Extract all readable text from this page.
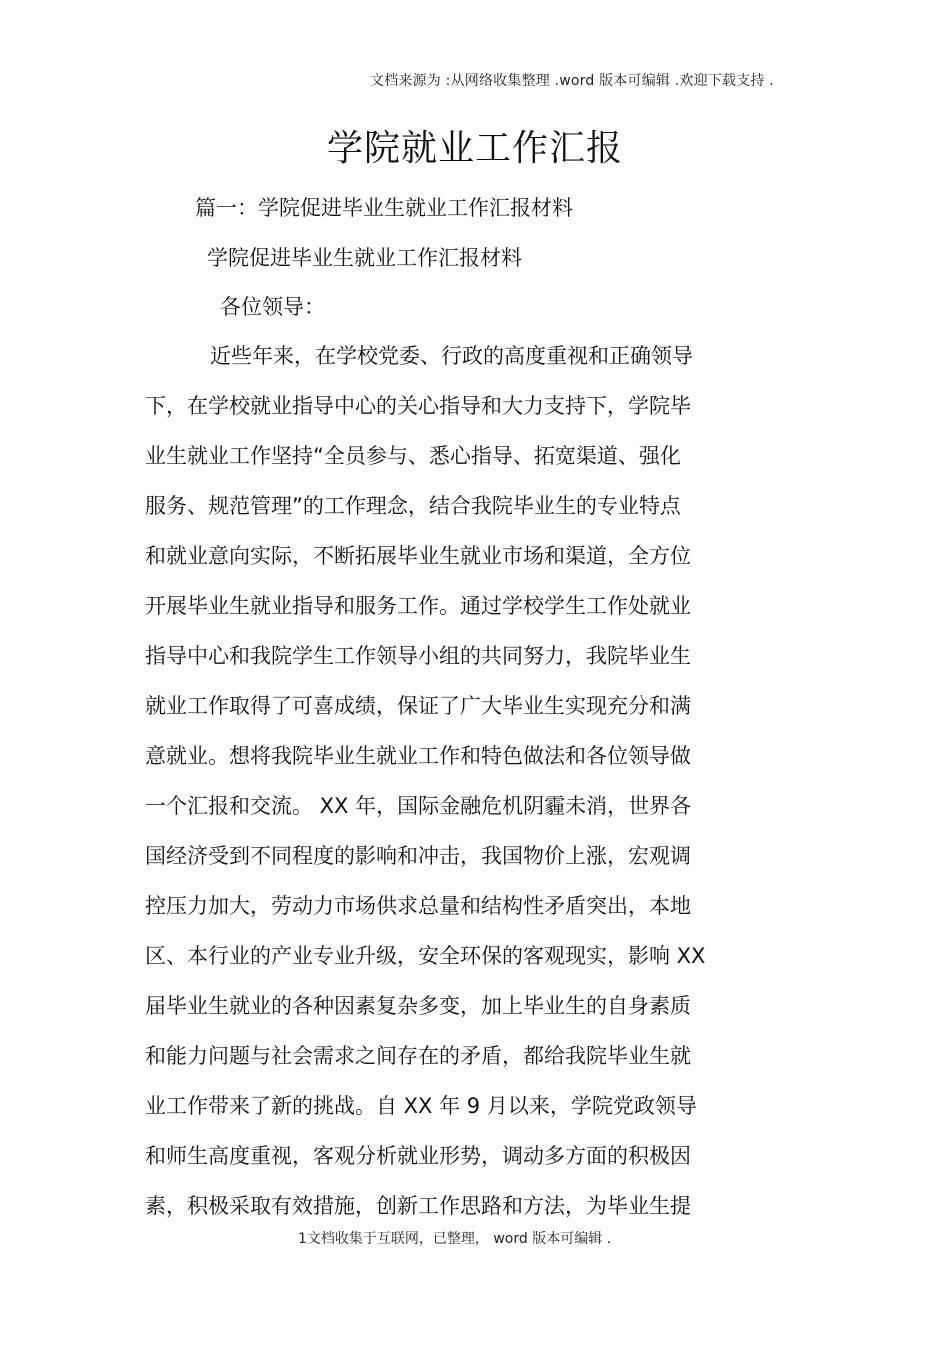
文档来源为 :从网络收集整理 .word 版本可编辑 .欢迎下载支持 .
学院就业工作汇报
篇一：学院促进毕业生就业工作汇报材料
学院促进毕业生就业工作汇报材料
各位领导：
近些年来，在学校党委、行政的高度重视和正确领导
下，在学校就业指导中心的关心指导和大力支持下，学院毕
业生就业工作坚持“全员参与、悉心指导、拓宽渠道、强化
服务、规范管理”的工作理念，结合我院毕业生的专业特点
和就业意向实际，不断拓展毕业生就业市场和渠道，全方位
开展毕业生就业指导和服务工作。通过学校学生工作处就业
指导中心和我院学生工作领导小组的共同努力，我院毕业生
就业工作取得了可喜成绩，保证了广大毕业生实现充分和满
意就业。想将我院毕业生就业工作和特色做法和各位领导做
一个汇报和交流。 XX 年，国际金融危机阴霾未消，世界各
国经济受到不同程度的影响和冲击，我国物价上涨，宏观调
控压力加大，劳动力市场供求总量和结构性矛盾突出，本地
区、本行业的产业专业升级，安全环保的客观现实，影响 XX
届毕业生就业的各种因素复杂多变，加上毕业生的自身素质
和能力问题与社会需求之间存在的矛盾，都给我院毕业生就
业工作带来了新的挑战。自 XX 年 9 月以来，学院党政领导
和师生高度重视，客观分析就业形势，调动多方面的积极因
素，积极采取有效措施，创新工作思路和方法，为毕业生提
1文档收集于互联网，已整理， word 版本可编辑 .
